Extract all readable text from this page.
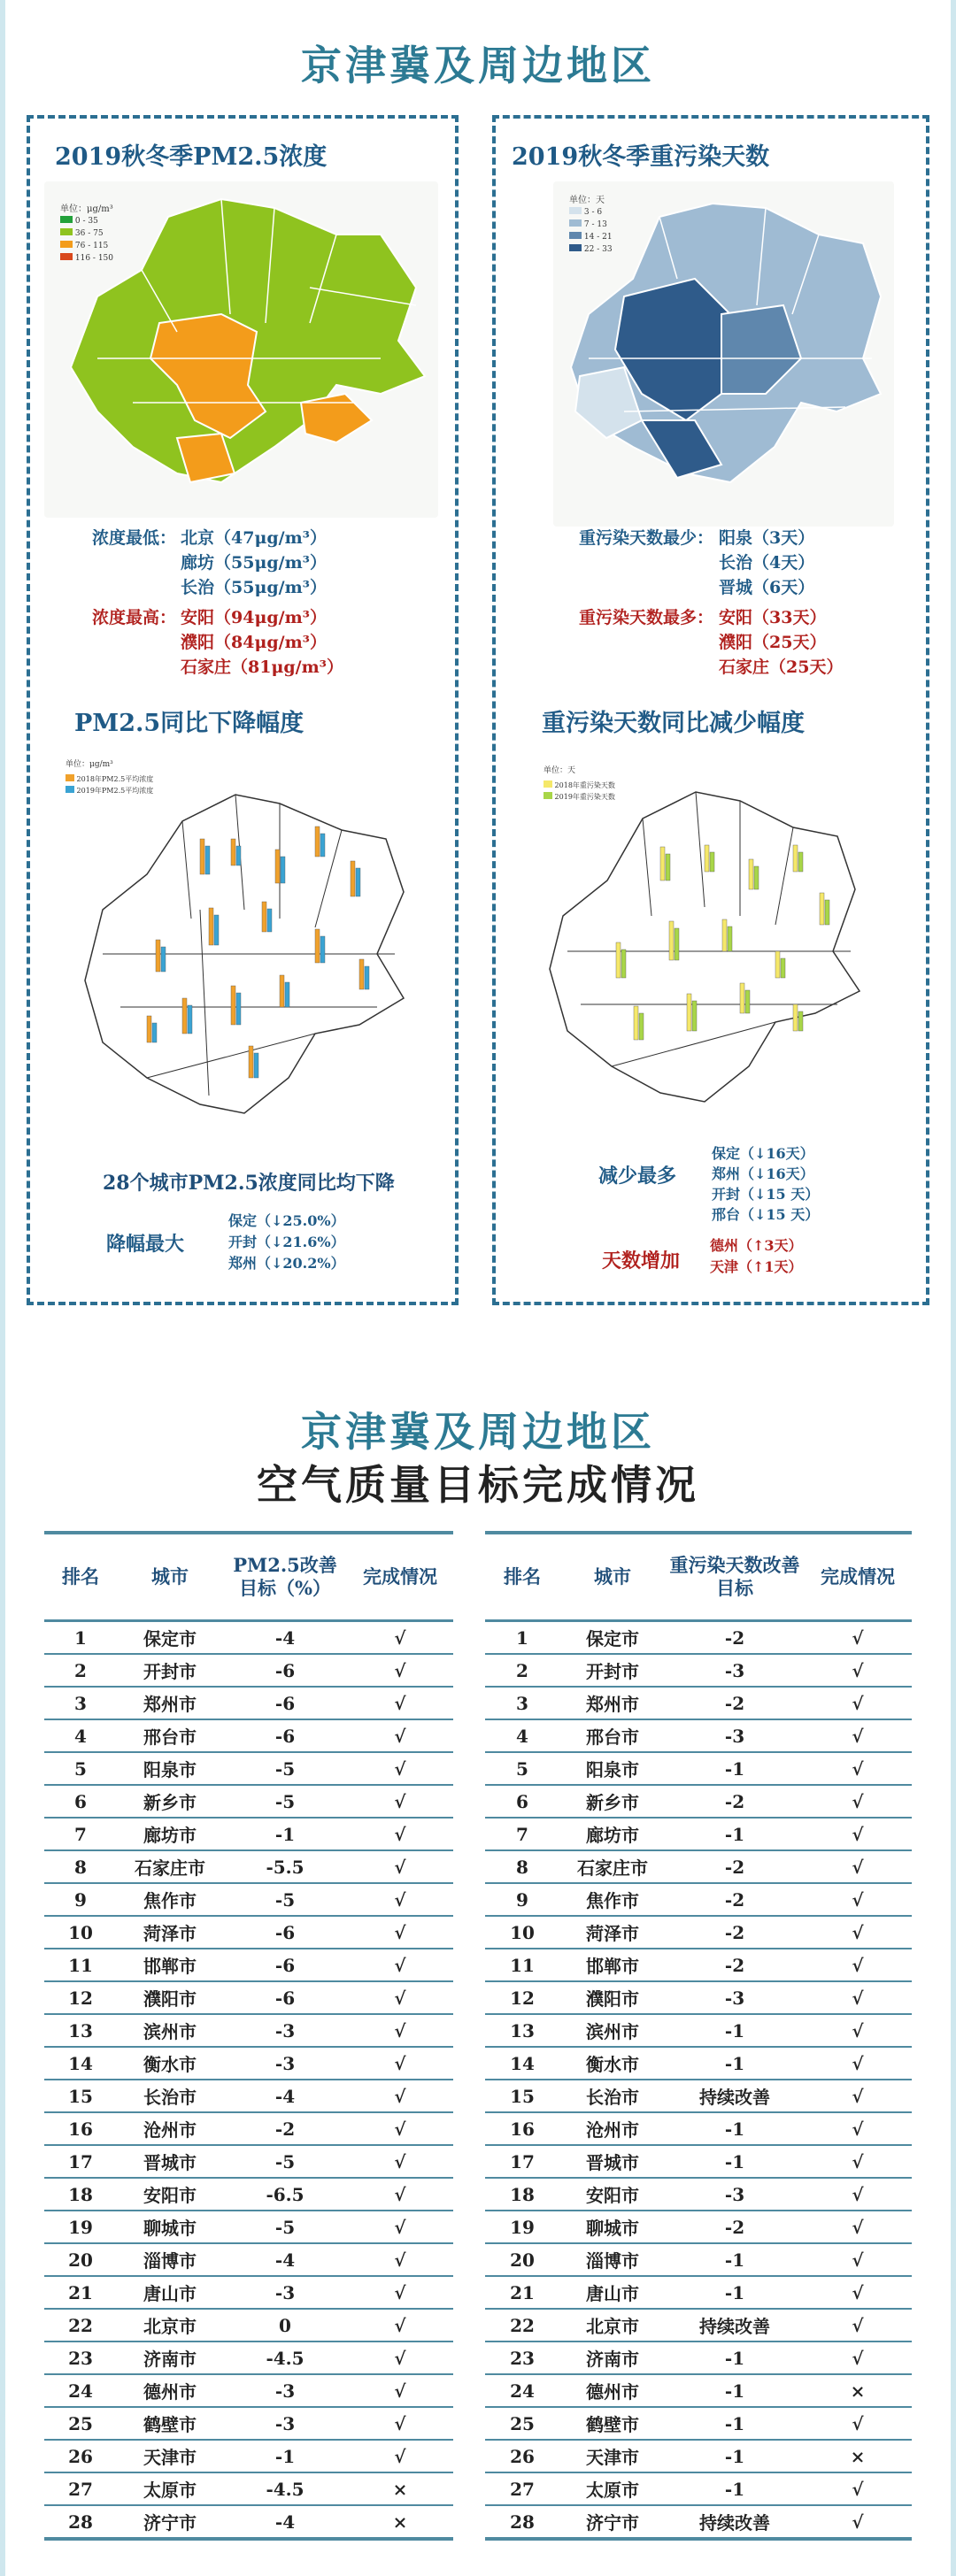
京津冀及周边地区
2019秋冬季PM2.5浓度
单位：μg/m³
0 - 35
36 - 75
76 - 115
116 - 150
浓度最低： 北京（47μg/m³）
廊坊（55μg/m³）
长治（55μg/m³）
浓度最高： 安阳（94μg/m³）
濮阳（84μg/m³）
石家庄（81μg/m³）
2019秋冬季重污染天数
单位：天
3 - 6
7 - 13
14 - 21
22 - 33
重污染天数最少： 阳泉（3天）
长治（4天）
晋城（6天）
重污染天数最多： 安阳（33天）
濮阳（25天）
石家庄（25天）
PM2.5同比下降幅度
单位：μg/m³
2018年PM2.5平均浓度
2019年PM2.5平均浓度
28个城市PM2.5浓度同比均下降
降幅最大
保定（↓25.0%）
开封（↓21.6%）
郑州（↓20.2%）
重污染天数同比减少幅度
单位：天
2018年重污染天数
2019年重污染天数
减少最多
保定（↓16天）
郑州（↓16天）
开封（↓15 天）
邢台（↓15 天）
天数增加
德州（↑3天）
天津（↑1天）
京津冀及周边地区
空气质量目标完成情况
排名	城市	PM2.5改善目标（%）	完成情况
1	保定市	-4	√
2	开封市	-6	√
3	郑州市	-6	√
4	邢台市	-6	√
5	阳泉市	-5	√
6	新乡市	-5	√
7	廊坊市	-1	√
8	石家庄市	-5.5	√
9	焦作市	-5	√
10	菏泽市	-6	√
11	邯郸市	-6	√
12	濮阳市	-6	√
13	滨州市	-3	√
14	衡水市	-3	√
15	长治市	-4	√
16	沧州市	-2	√
17	晋城市	-5	√
18	安阳市	-6.5	√
19	聊城市	-5	√
20	淄博市	-4	√
21	唐山市	-3	√
22	北京市	0	√
23	济南市	-4.5	√
24	德州市	-3	√
25	鹤壁市	-3	√
26	天津市	-1	√
27	太原市	-4.5	×
28	济宁市	-4	×
排名	城市	重污染天数改善目标	完成情况
1	保定市	-2	√
2	开封市	-3	√
3	郑州市	-2	√
4	邢台市	-3	√
5	阳泉市	-1	√
6	新乡市	-2	√
7	廊坊市	-1	√
8	石家庄市	-2	√
9	焦作市	-2	√
10	菏泽市	-2	√
11	邯郸市	-2	√
12	濮阳市	-3	√
13	滨州市	-1	√
14	衡水市	-1	√
15	长治市	持续改善	√
16	沧州市	-1	√
17	晋城市	-1	√
18	安阳市	-3	√
19	聊城市	-2	√
20	淄博市	-1	√
21	唐山市	-1	√
22	北京市	持续改善	√
23	济南市	-1	√
24	德州市	-1	×
25	鹤壁市	-1	√
26	天津市	-1	×
27	太原市	-1	√
28	济宁市	持续改善	√
